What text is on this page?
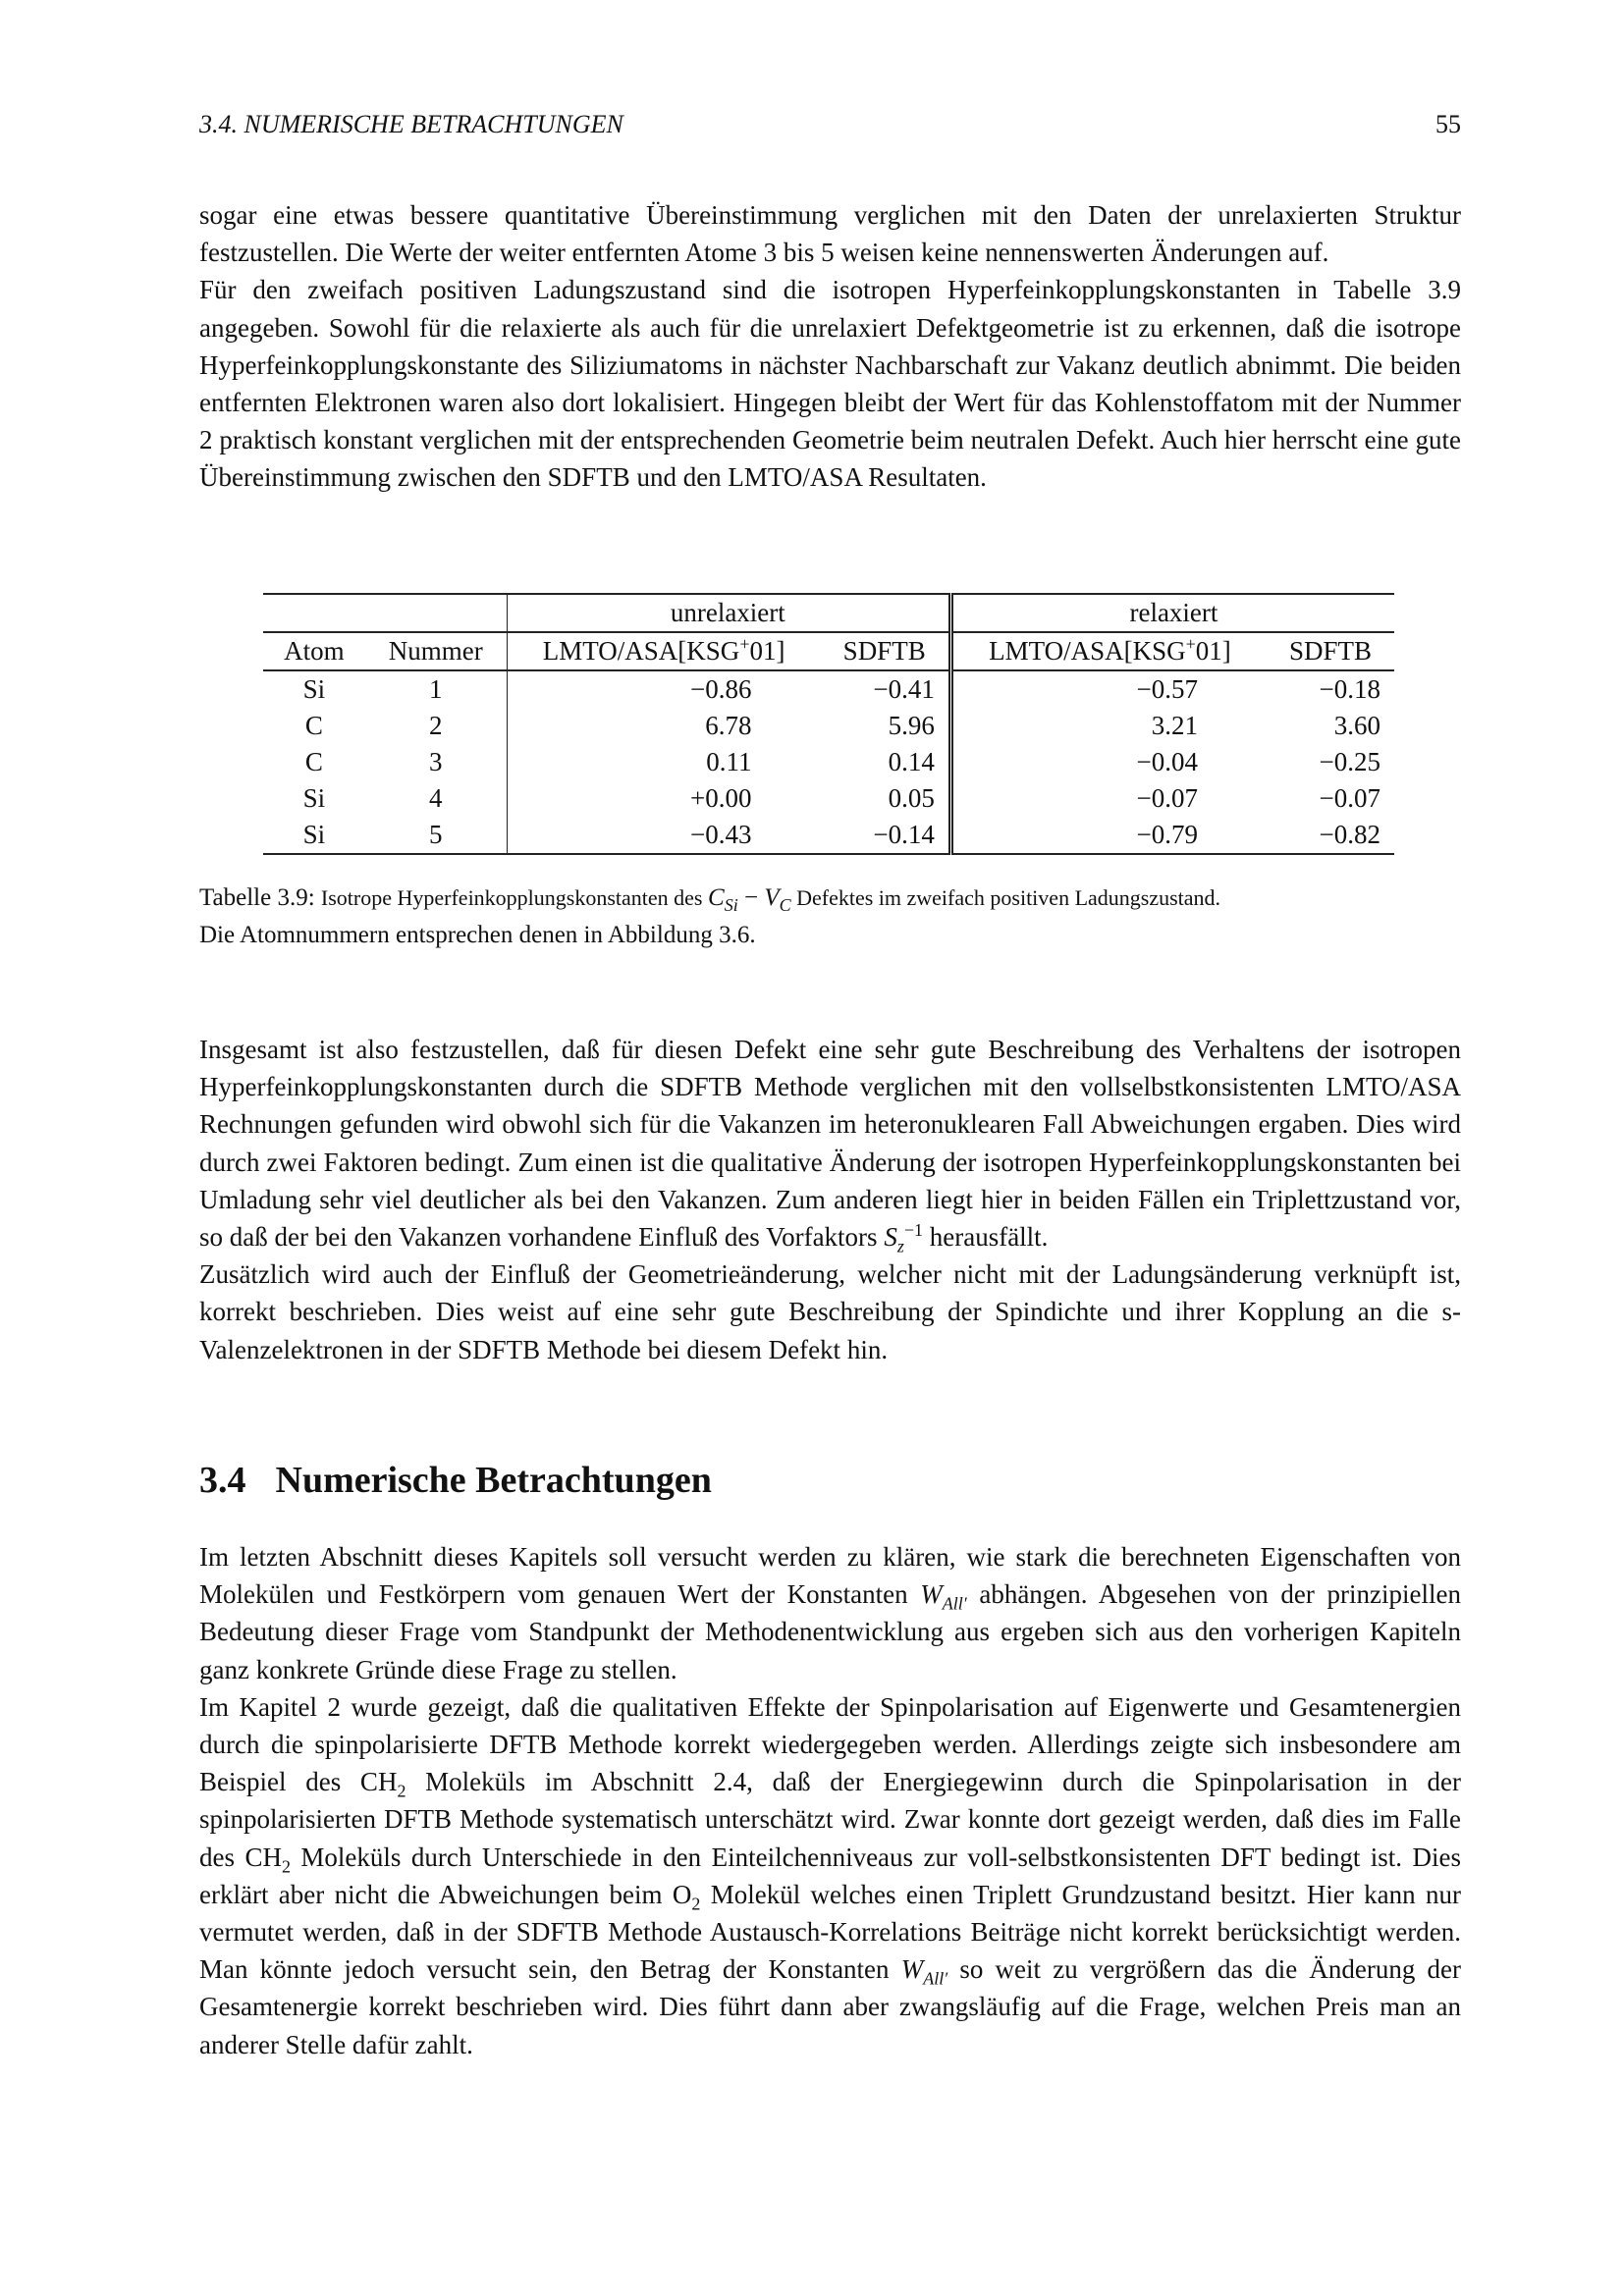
3.4. NUMERISCHE BETRACHTUNGEN	55

sogar eine etwas bessere quantitative Übereinstimmung verglichen mit den Daten der unrelaxierten Struktur festzustellen. Die Werte der weiter entfernten Atome 3 bis 5 weisen keine nennenswerten Änderungen auf.

Für den zweifach positiven Ladungszustand sind die isotropen Hyperfeinkopplungskonstanten in Tabelle 3.9 angegeben. Sowohl für die relaxierte als auch für die unrelaxiert Defektgeometrie ist zu erkennen, daß die isotrope Hyperfeinkopplungskonstante des Siliziumatoms in nächster Nachbarschaft zur Vakanz deutlich abnimmt. Die beiden entfernten Elektronen waren also dort lokalisiert. Hingegen bleibt der Wert für das Kohlenstoffatom mit der Nummer 2 praktisch konstant verglichen mit der entsprechenden Geometrie beim neutralen Defekt. Auch hier herrscht eine gute Übereinstimmung zwischen den SDFTB und den LMTO/ASA Resultaten.

		unrelaxiert		relaxiert	
Atom	Nummer	LMTO/ASA[KSG+01]	SDFTB	LMTO/ASA[KSG+01]	SDFTB
Si	1	−0.86	−0.41	−0.57	−0.18
C	2	6.78	5.96	3.21	3.60
C	3	0.11	0.14	−0.04	−0.25
Si	4	+0.00	0.05	−0.07	−0.07
Si	5	−0.43	−0.14	−0.79	−0.82
Tabelle 3.9: Isotrope Hyperfeinkopplungskonstanten des $C_{Si} - V_C$ Defektes im zweifach positiven Ladungszustand.
Die Atomnummern entsprechen denen in Abbildung 3.6.

Insgesamt ist also festzustellen, daß für diesen Defekt eine sehr gute Beschreibung des Verhaltens der isotropen Hyperfeinkopplungskonstanten durch die SDFTB Methode verglichen mit den vollselbstkonsistenten LMTO/ASA Rechnungen gefunden wird obwohl sich für die Vakanzen im heteronuklearen Fall Abweichungen ergaben. Dies wird durch zwei Faktoren bedingt. Zum einen ist die qualitative Änderung der isotropen Hyperfeinkopplungskonstanten bei Umladung sehr viel deutlicher als bei den Vakanzen. Zum anderen liegt hier in beiden Fällen ein Triplettzustand vor, so daß der bei den Vakanzen vorhandene Einfluß des Vorfaktors $S_z^{-1}$ herausfällt.

Zusätzlich wird auch der Einfluß der Geometrieänderung, welcher nicht mit der Ladungsänderung verknüpft ist, korrekt beschrieben. Dies weist auf eine sehr gute Beschreibung der Spindichte und ihrer Kopplung an die s-Valenzelektronen in der SDFTB Methode bei diesem Defekt hin.

3.4 Numerische Betrachtungen

Im letzten Abschnitt dieses Kapitels soll versucht werden zu klären, wie stark die berechneten Eigenschaften von Molekülen und Festkörpern vom genauen Wert der Konstanten $W_{All'}$ abhängen. Abgesehen von der prinzipiellen Bedeutung dieser Frage vom Standpunkt der Methodenentwicklung aus ergeben sich aus den vorherigen Kapiteln ganz konkrete Gründe diese Frage zu stellen.

Im Kapitel 2 wurde gezeigt, daß die qualitativen Effekte der Spinpolarisation auf Eigenwerte und Gesamtenergien durch die spinpolarisierte DFTB Methode korrekt wiedergegeben werden. Allerdings zeigte sich insbesondere am Beispiel des $CH_2$ Moleküls im Abschnitt 2.4, daß der Energiegewinn durch die Spinpolarisation in der spinpolarisierten DFTB Methode systematisch unterschätzt wird. Zwar konnte dort gezeigt werden, daß dies im Falle des $CH_2$ Moleküls durch Unterschiede in den Einteilchenniveaus zur voll-selbstkonsistenten DFT bedingt ist. Dies erklärt aber nicht die Abweichungen beim $O_2$ Molekül welches einen Triplett Grundzustand besitzt. Hier kann nur vermutet werden, daß in der SDFTB Methode Austausch-Korrelations Beiträge nicht korrekt berücksichtigt werden. Man könnte jedoch versucht sein, den Betrag der Konstanten $W_{All'}$ so weit zu vergrößern das die Änderung der Gesamtenergie korrekt beschrieben wird. Dies führt dann aber zwangsläufig auf die Frage, welchen Preis man an anderer Stelle dafür zahlt.
